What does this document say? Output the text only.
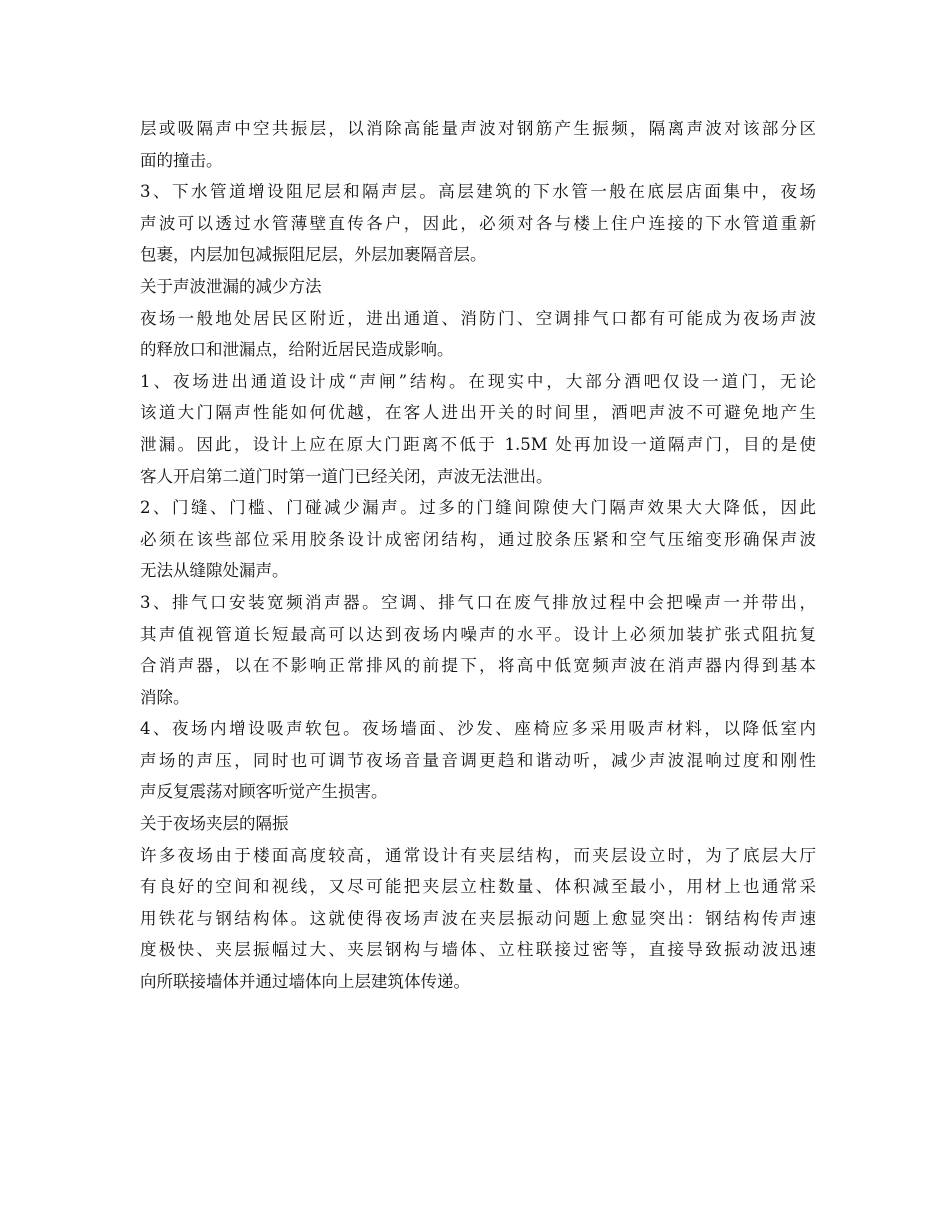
层或吸隔声中空共振层，以消除高能量声波对钢筋产生振频，隔离声波对该部分区
面的撞击。
3、下水管道增设阻尼层和隔声层。高层建筑的下水管一般在底层店面集中，夜场
声波可以透过水管薄壁直传各户，因此，必须对各与楼上住户连接的下水管道重新
包裹，内层加包减振阻尼层，外层加裹隔音层。
关于声波泄漏的减少方法
夜场一般地处居民区附近，进出通道、消防门、空调排气口都有可能成为夜场声波
的释放口和泄漏点，给附近居民造成影响。
1、夜场进出通道设计成“声闸”结构。在现实中，大部分酒吧仅设一道门，无论
该道大门隔声性能如何优越，在客人进出开关的时间里，酒吧声波不可避免地产生
泄漏。因此，设计上应在原大门距离不低于 1.5M 处再加设一道隔声门，目的是使
客人开启第二道门时第一道门已经关闭，声波无法泄出。
2、门缝、门槛、门碰减少漏声。过多的门缝间隙使大门隔声效果大大降低，因此
必须在该些部位采用胶条设计成密闭结构，通过胶条压紧和空气压缩变形确保声波
无法从缝隙处漏声。
3、排气口安装宽频消声器。空调、排气口在废气排放过程中会把噪声一并带出，
其声值视管道长短最高可以达到夜场内噪声的水平。设计上必须加装扩张式阻抗复
合消声器，以在不影响正常排风的前提下，将高中低宽频声波在消声器内得到基本
消除。
4、夜场内增设吸声软包。夜场墙面、沙发、座椅应多采用吸声材料，以降低室内
声场的声压，同时也可调节夜场音量音调更趋和谐动听，减少声波混响过度和刚性
声反复震荡对顾客听觉产生损害。
关于夜场夹层的隔振
许多夜场由于楼面高度较高，通常设计有夹层结构，而夹层设立时，为了底层大厅
有良好的空间和视线，又尽可能把夹层立柱数量、体积减至最小，用材上也通常采
用铁花与钢结构体。这就使得夜场声波在夹层振动问题上愈显突出：钢结构传声速
度极快、夹层振幅过大、夹层钢构与墙体、立柱联接过密等，直接导致振动波迅速
向所联接墙体并通过墙体向上层建筑体传递。
